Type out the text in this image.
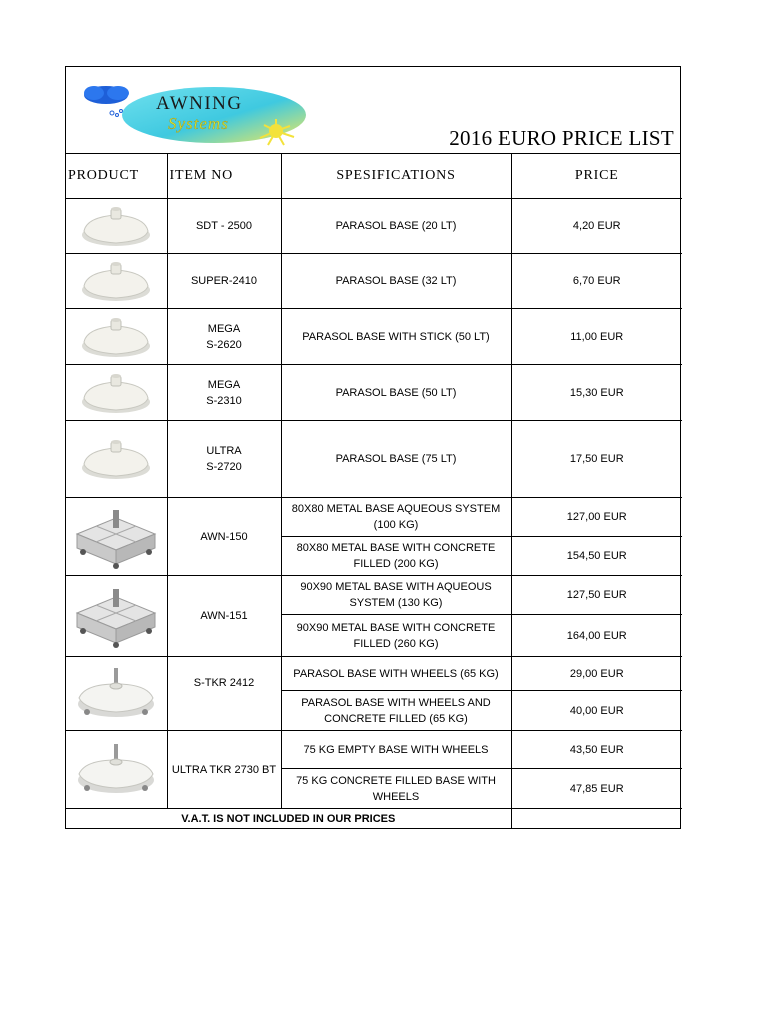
AWNING
Systems
2016 EURO PRICE LIST
PRODUCT	ITEM NO	SPESIFICATIONS	PRICE

	SDT - 2500	PARASOL BASE (20 LT)	4,20 EUR

	SUPER-2410	PARASOL BASE (32 LT)	6,70 EUR

	MEGA
S-2620	PARASOL BASE WITH STICK (50 LT)	11,00 EUR

	MEGA
S-2310	PARASOL BASE (50 LT)	15,30 EUR

	ULTRA
S-2720	PARASOL BASE (75 LT)	17,50 EUR

	AWN-150	80X80 METAL BASE AQUEOUS SYSTEM (100 KG)	127,00 EUR
		80X80 METAL BASE WITH CONCRETE FILLED (200 KG)	154,50 EUR

	AWN-151	90X90 METAL BASE WITH AQUEOUS SYSTEM (130 KG)	127,50 EUR
		90X90 METAL BASE WITH CONCRETE FILLED (260 KG)	164,00 EUR

	S-TKR 2412	PARASOL BASE WITH WHEELS (65 KG)	29,00 EUR
		PARASOL BASE WITH WHEELS AND CONCRETE FILLED (65 KG)	40,00 EUR

	ULTRA TKR 2730 BT	75 KG EMPTY BASE WITH WHEELS	43,50 EUR
		75 KG CONCRETE FILLED BASE WITH WHEELS	47,85 EUR
V.A.T. IS NOT INCLUDED IN OUR PRICES			
